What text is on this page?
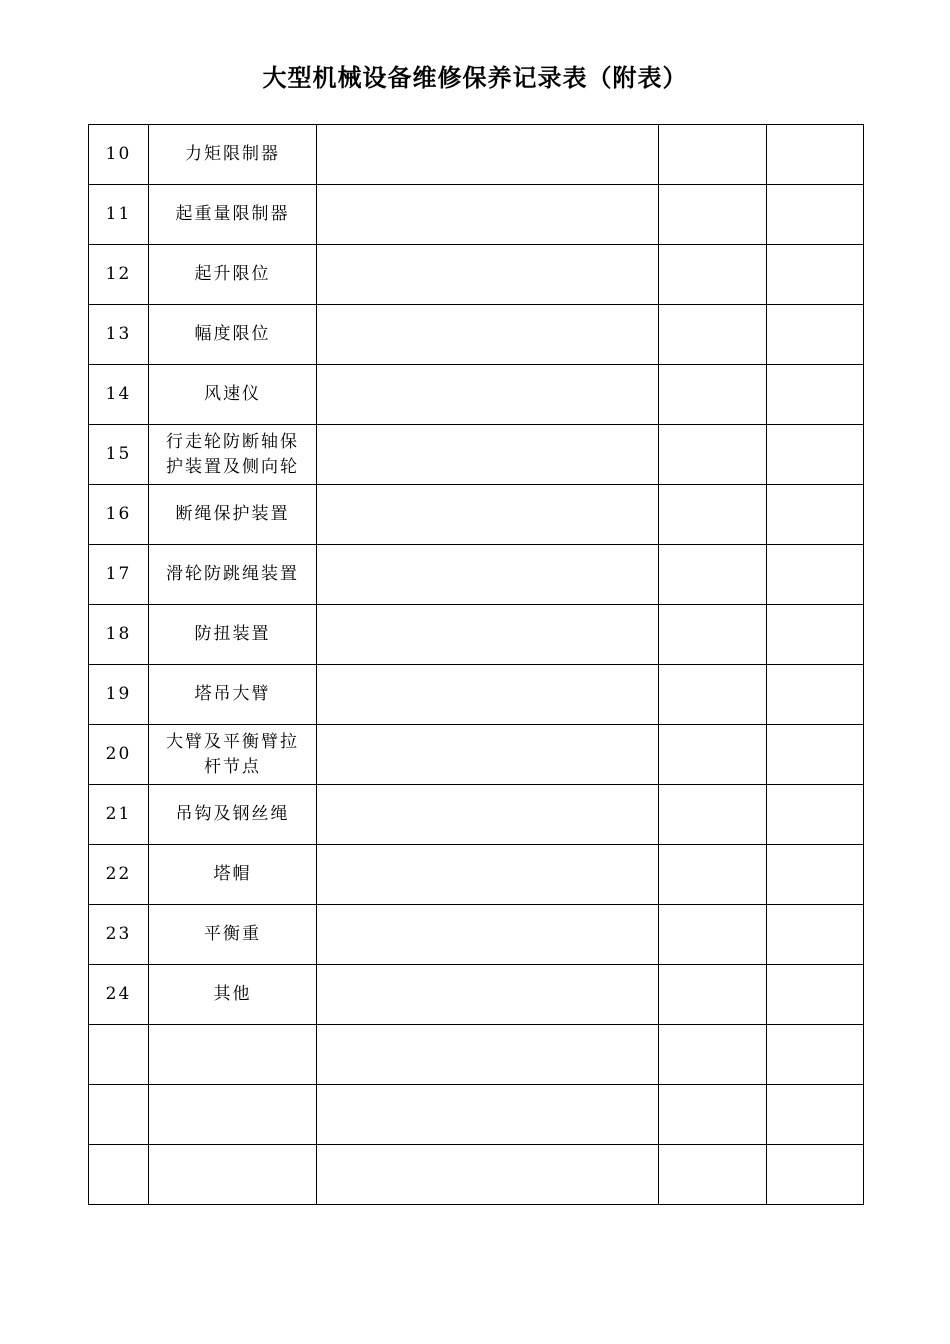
大型机械设备维修保养记录表（附表）
10	力矩限制器			
11	起重量限制器			
12	起升限位			
13	幅度限位			
14	风速仪			
15	行走轮防断轴保护装置及侧向轮			
16	断绳保护装置			
17	滑轮防跳绳装置			
18	防扭装置			
19	塔吊大臂			
20	大臂及平衡臂拉杆节点			
21	吊钩及钢丝绳			
22	塔帽			
23	平衡重			
24	其他			
